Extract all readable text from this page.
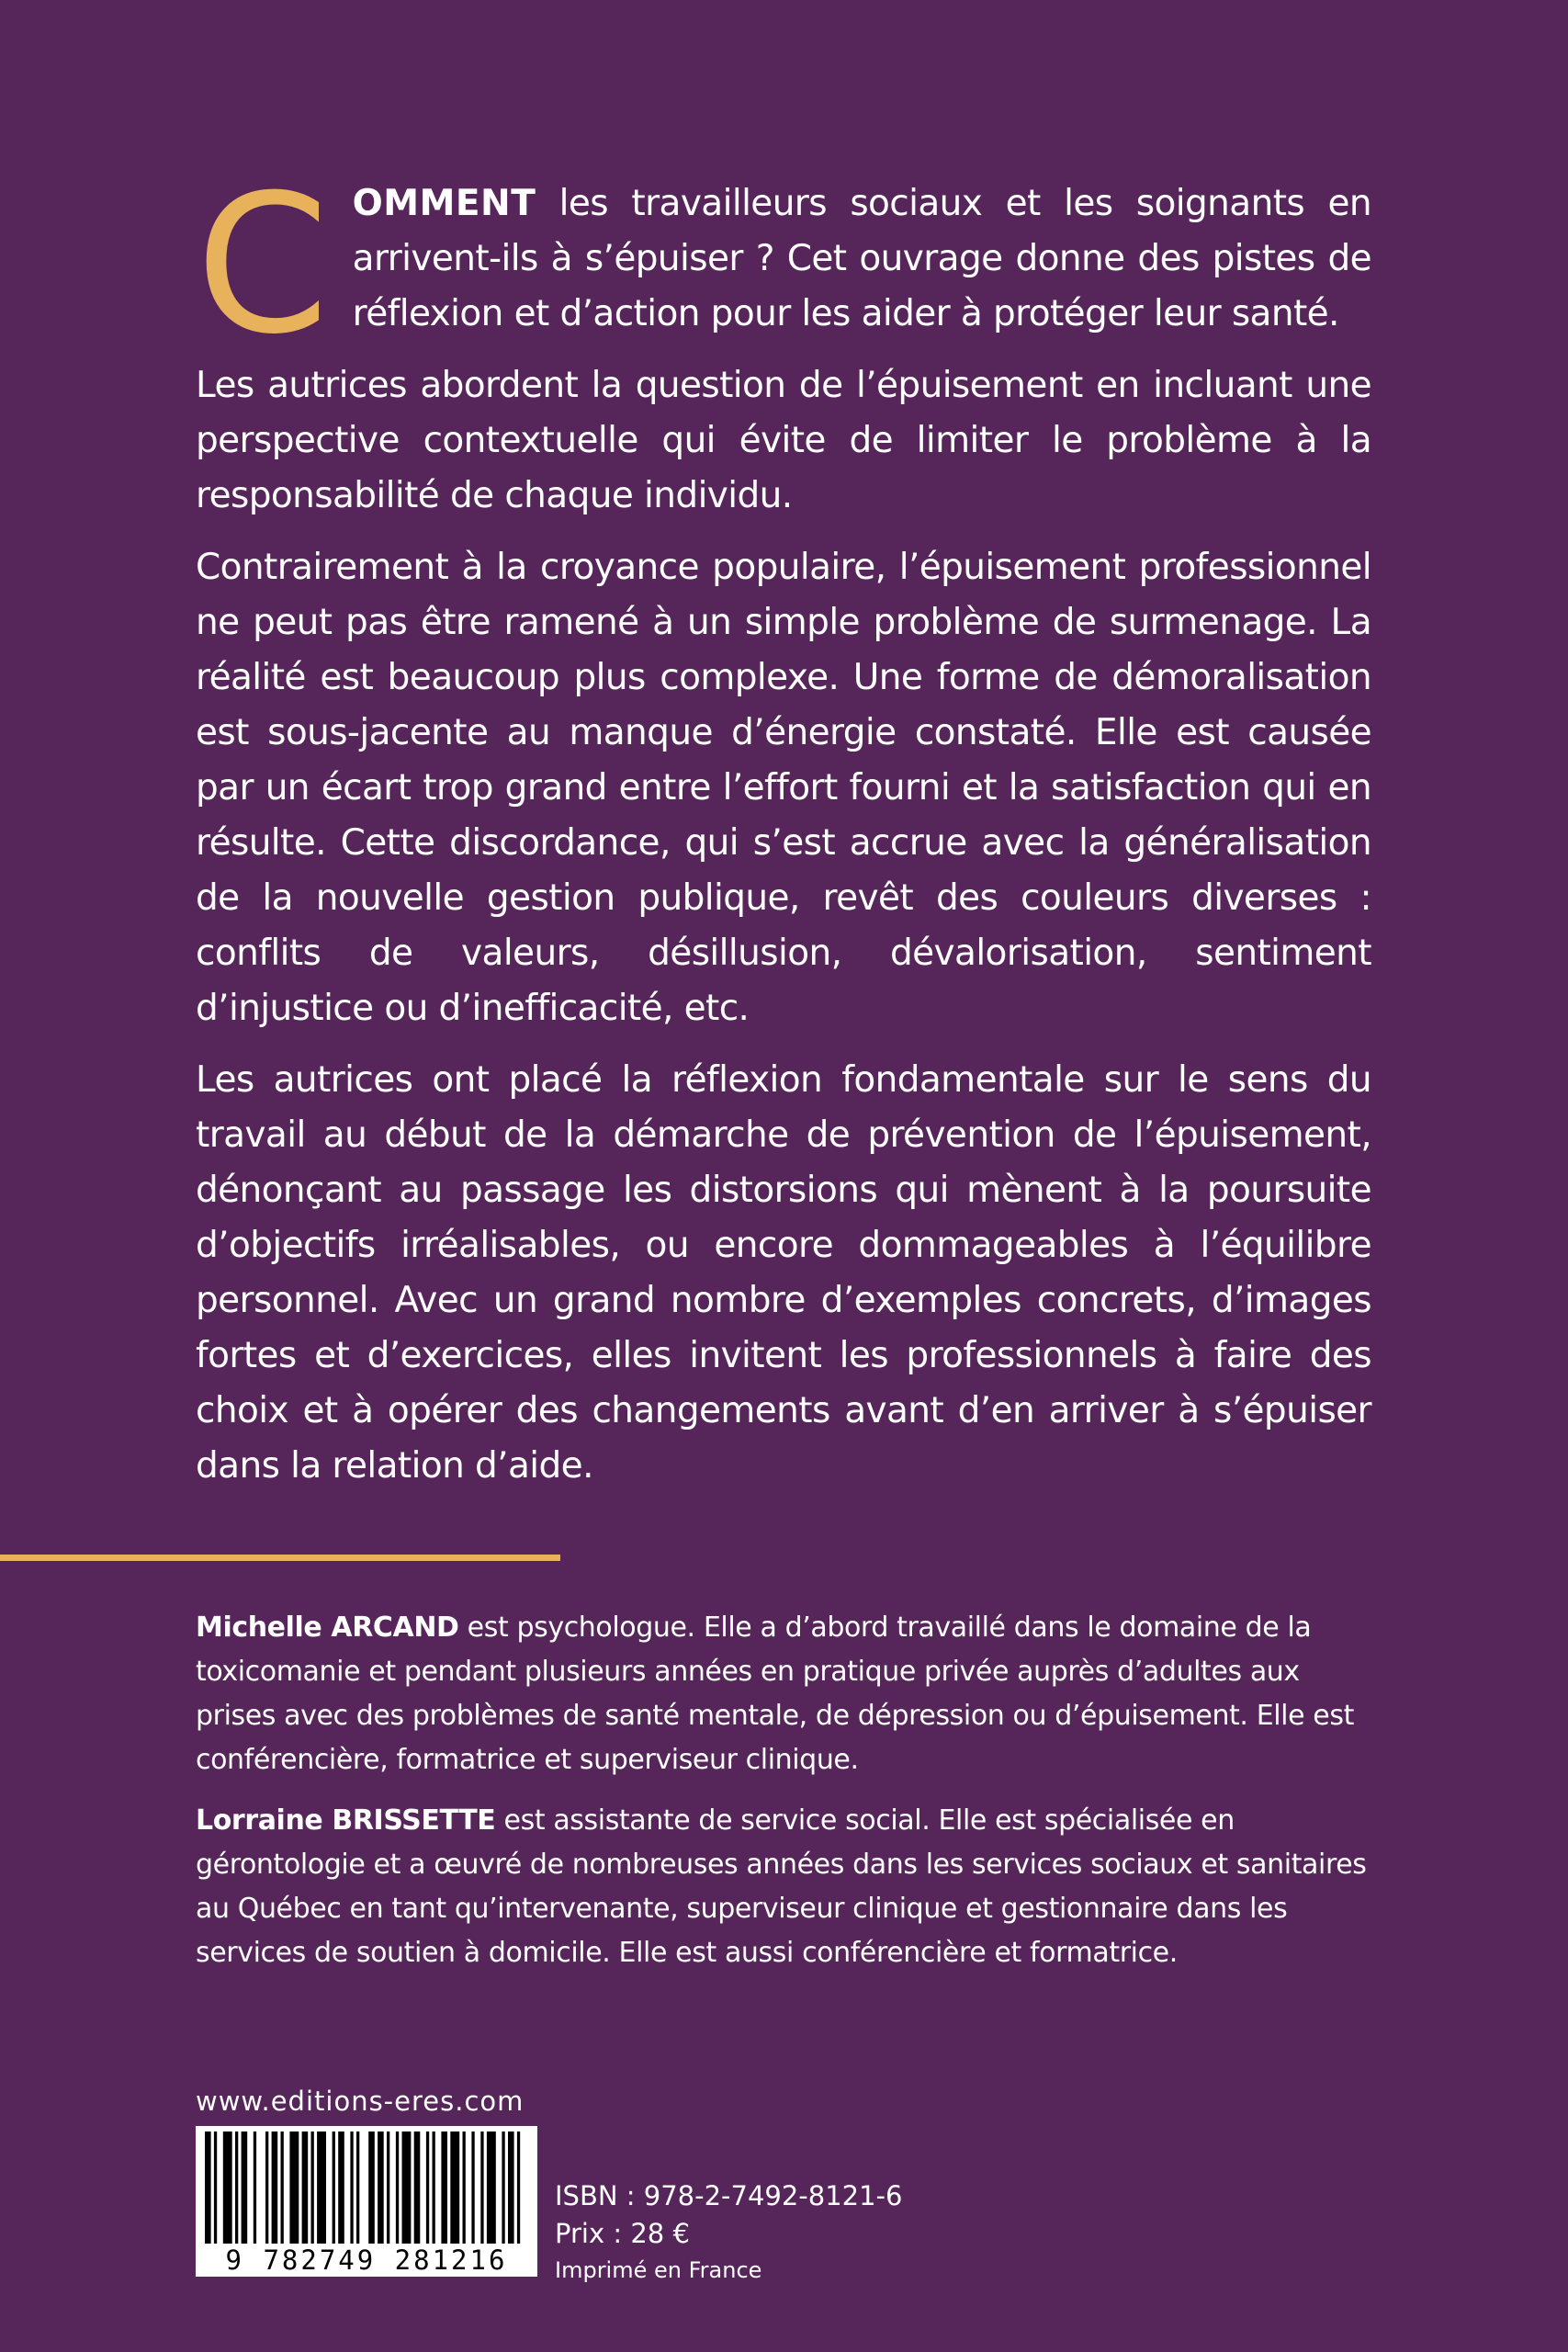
COMMENT les travailleurs sociaux et les soignants en arrivent-ils à s’épuiser ? Cet ouvrage donne des pistes de réflexion et d’action pour les aider à protéger leur santé.

Les autrices abordent la question de l’épuisement en incluant une perspective contextuelle qui évite de limiter le problème à la responsabilité de chaque individu.

Contrairement à la croyance populaire, l’épuisement professionnel ne peut pas être ramené à un simple problème de surmenage. La réalité est beaucoup plus complexe. Une forme de démoralisation est sous-jacente au manque d’énergie constaté. Elle est causée par un écart trop grand entre l’effort fourni et la satisfaction qui en résulte. Cette discordance, qui s’est accrue avec la généralisation de la nouvelle gestion publique, revêt des couleurs diverses : conflits de valeurs, désillusion, dévalorisation, sentiment d’injustice ou d’inefficacité, etc.

Les autrices ont placé la réflexion fondamentale sur le sens du travail au début de la démarche de prévention de l’épuisement, dénonçant au passage les distorsions qui mènent à la poursuite d’objectifs irréalisables, ou encore dommageables à l’équilibre personnel. Avec un grand nombre d’exemples concrets, d’images fortes et d’exercices, elles invitent les professionnels à faire des choix et à opérer des changements avant d’en arriver à s’épuiser dans la relation d’aide.

Michelle ARCAND est psychologue. Elle a d’abord travaillé dans le domaine de la toxicomanie et pendant plusieurs années en pratique privée auprès d’adultes aux prises avec des problèmes de santé mentale, de dépression ou d’épuisement. Elle est conférencière, formatrice et superviseur clinique.

Lorraine BRISSETTE est assistante de service social. Elle est spécialisée en gérontologie et a œuvré de nombreuses années dans les services sociaux et sanitaires au Québec en tant qu’intervenante, superviseur clinique et gestionnaire dans les services de soutien à domicile. Elle est aussi conférencière et formatrice.

www.editions-eres.com
9 782749 281216
ISBN : 978-2-7492-8121-6
Prix : 28 €
Imprimé en France
